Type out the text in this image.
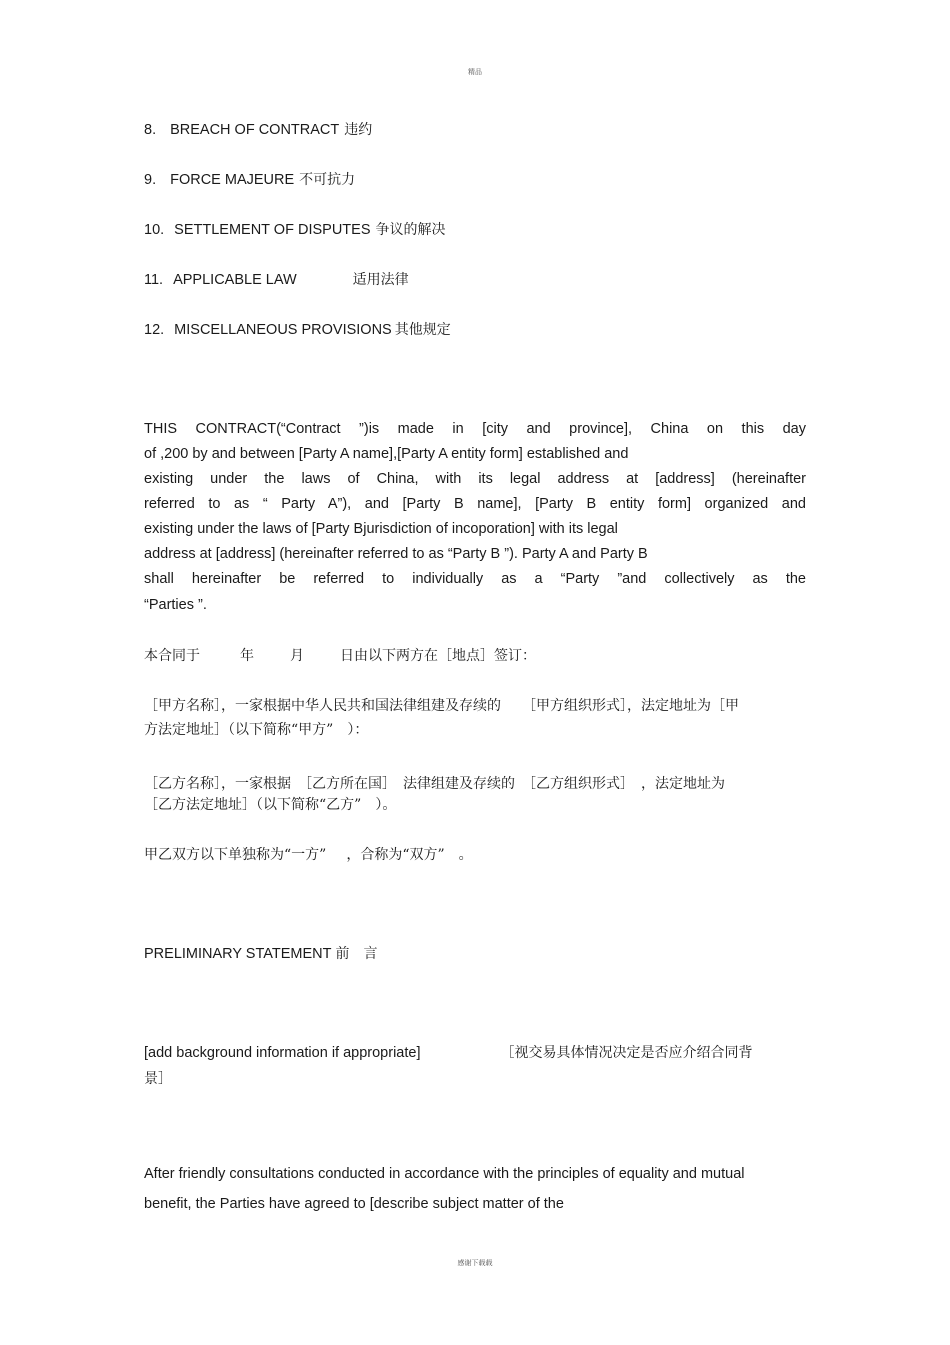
精品
8. BREACH OF CONTRACT 违约
9. FORCE MAJEURE 不可抗力
10. SETTLEMENT OF DISPUTES 争议的解决
11. APPLICABLE LAW	适用法律
12. MISCELLANEOUS PROVISIONS 其他规定
THIS CONTRACT(“Contract ”)is made in [city and province], China on this day
of ,200 by and between [Party A name],[Party A entity form] established and
existing under the laws of China, with its legal address at [address] (hereinafter
referred to as “ Party A”), and [Party B name], [Party B entity form] organized and
existing under the laws of [Party Bjurisdiction of incoporation] with its legal
address at [address] (hereinafter referred to as “Party B ”). Party A and Party B
shall hereinafter be referred to individually as a “Party ”and collectively as the
“Parties ”.
本合同于	年	月	日由以下两方在［地点］签订：
［甲方名称］，一家根据中华人民共和国法律组建及存续的　　［甲方组织形式］，法定地址为［甲
方法定地址］（以下简称“甲方”　）：
［乙方名称］，一家根据　［乙方所在国］　法律组建及存续的　［乙方组织形式］　，法定地址为
［乙方法定地址］（以下简称“乙方”　）。
甲乙双方以下单独称为“一方” ，合称为“双方”　。
PRELIMINARY STATEMENT 前　言
[add background information if appropriate]	［视交易具体情况决定是否应介绍合同背
景］
After friendly consultations conducted in accordance with the principles of equality and mutual
benefit, the Parties have agreed to [describe subject matter of the
感谢下载载
